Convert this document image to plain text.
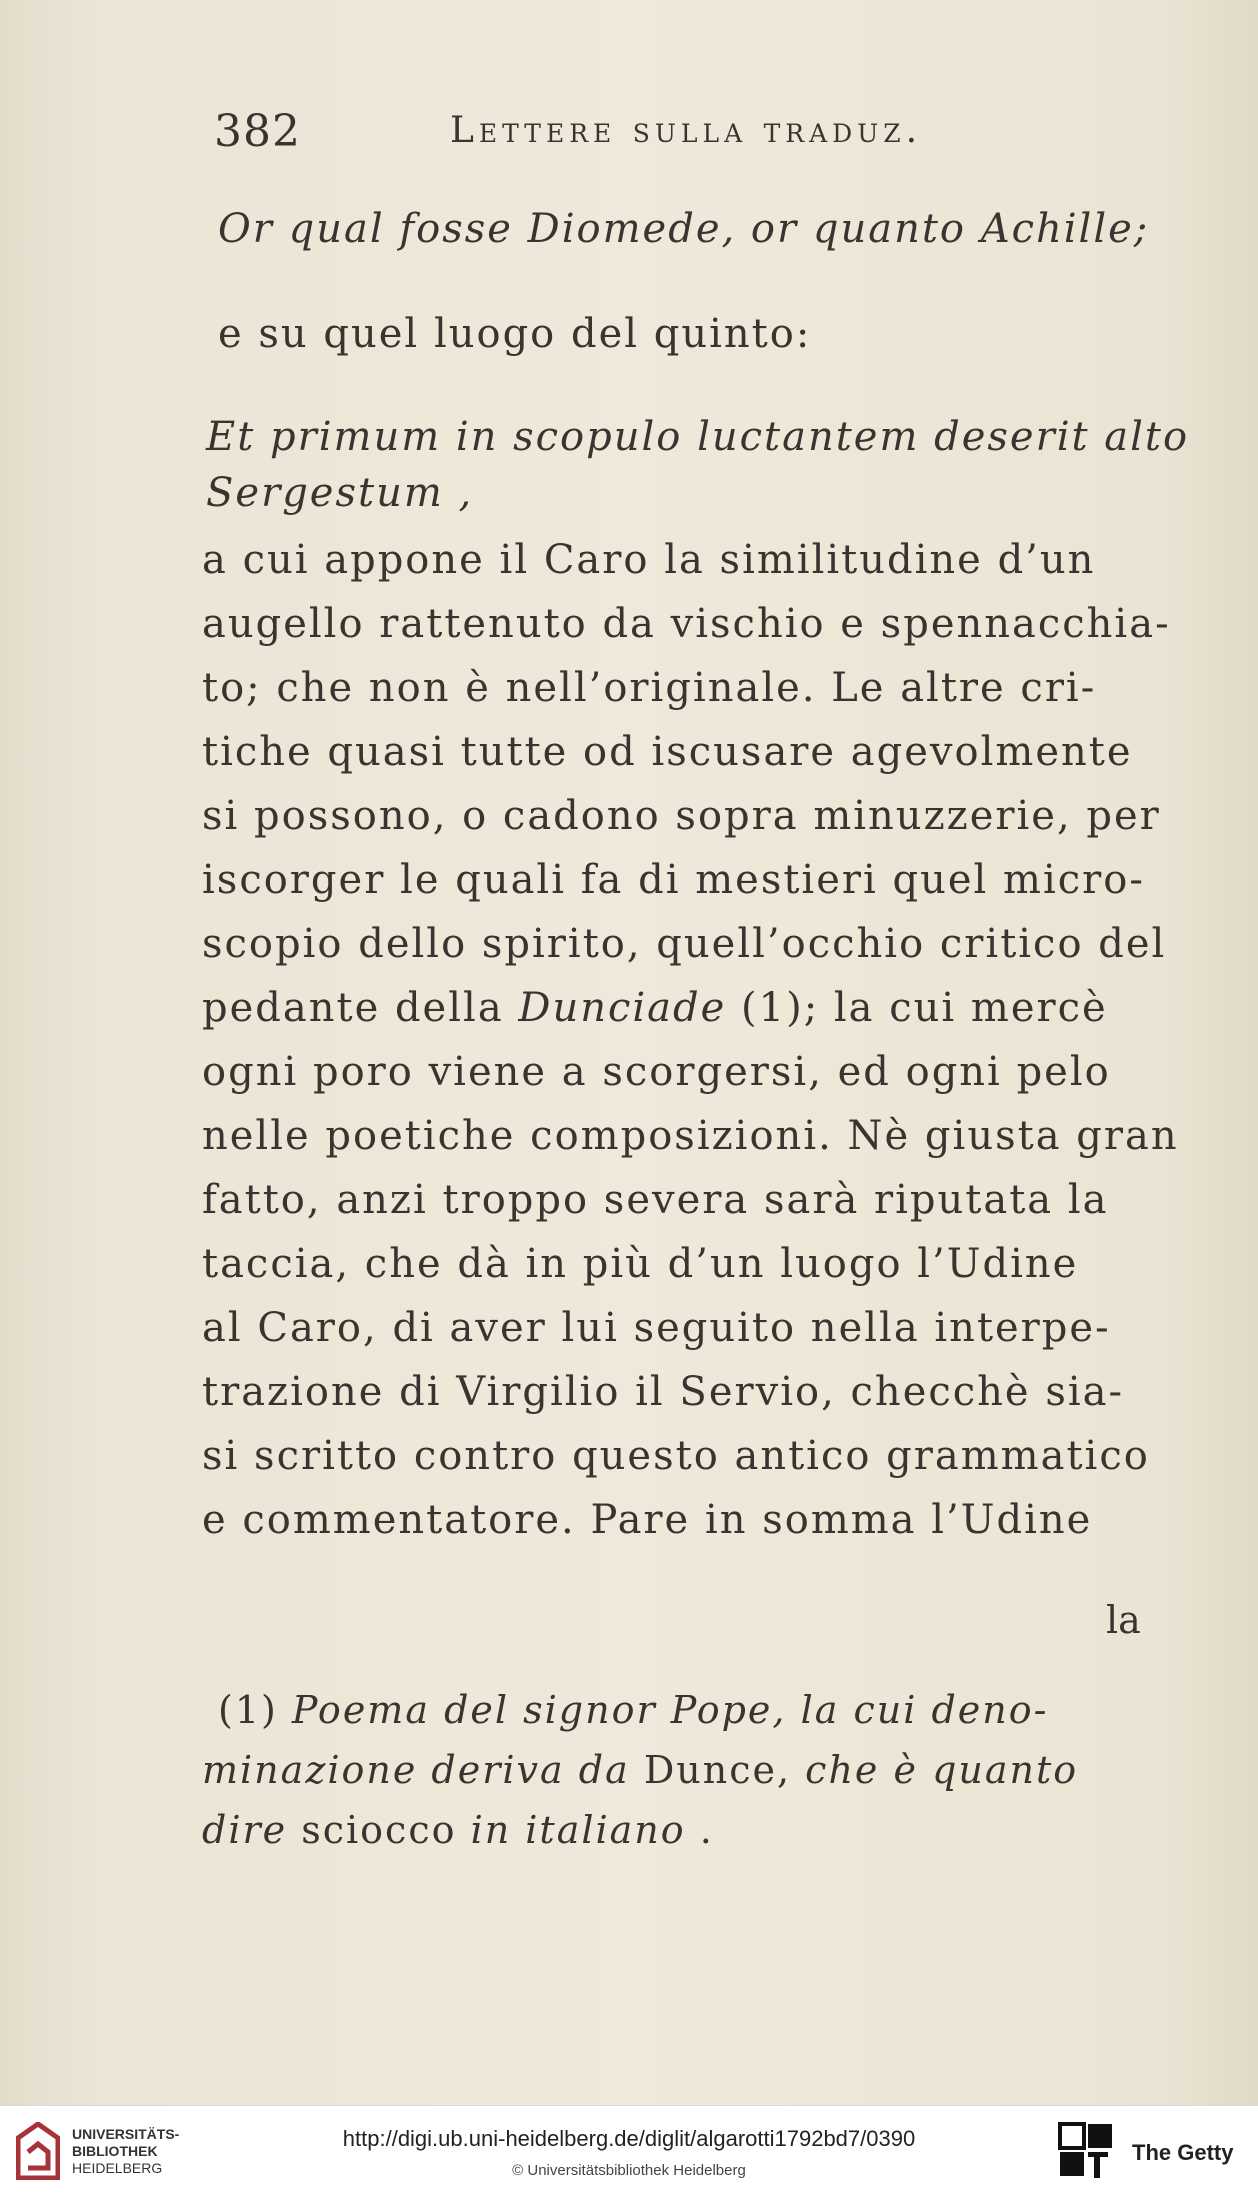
382	Lettere sulla traduz.
Or qual fosse Diomede, or quanto Achille;
e su quel luogo del quinto:
Et primum in scopulo luctantem deserit alto
Sergestum ,
a cui appone il Caro la similitudine d’un
augello rattenuto da vischio e spennacchia-
to; che non è nell’originale. Le altre cri-
tiche quasi tutte od iscusare agevolmente
si possono, o cadono sopra minuzzerie, per
iscorger le quali fa di mestieri quel micro-
scopio dello spirito, quell’occhio critico del
pedante della Dunciade (1); la cui mercè
ogni poro viene a scorgersi, ed ogni pelo
nelle poetiche composizioni. Nè giusta gran
fatto, anzi troppo severa sarà riputata la
taccia, che dà in più d’un luogo l’Udine
al Caro, di aver lui seguito nella interpe-
trazione di Virgilio il Servio, checchè sia-
si scritto contro questo antico grammatico
e commentatore. Pare in somma l’Udine
la
(1) Poema del signor Pope, la cui deno-
minazione deriva da Dunce, che è quanto
dire sciocco in italiano .
UNIVERSITÄTS-
BIBLIOTHEK
HEIDELBERG
http://digi.ub.uni-heidelberg.de/diglit/algarotti1792bd7/0390
© Universitätsbibliothek Heidelberg
The Getty
